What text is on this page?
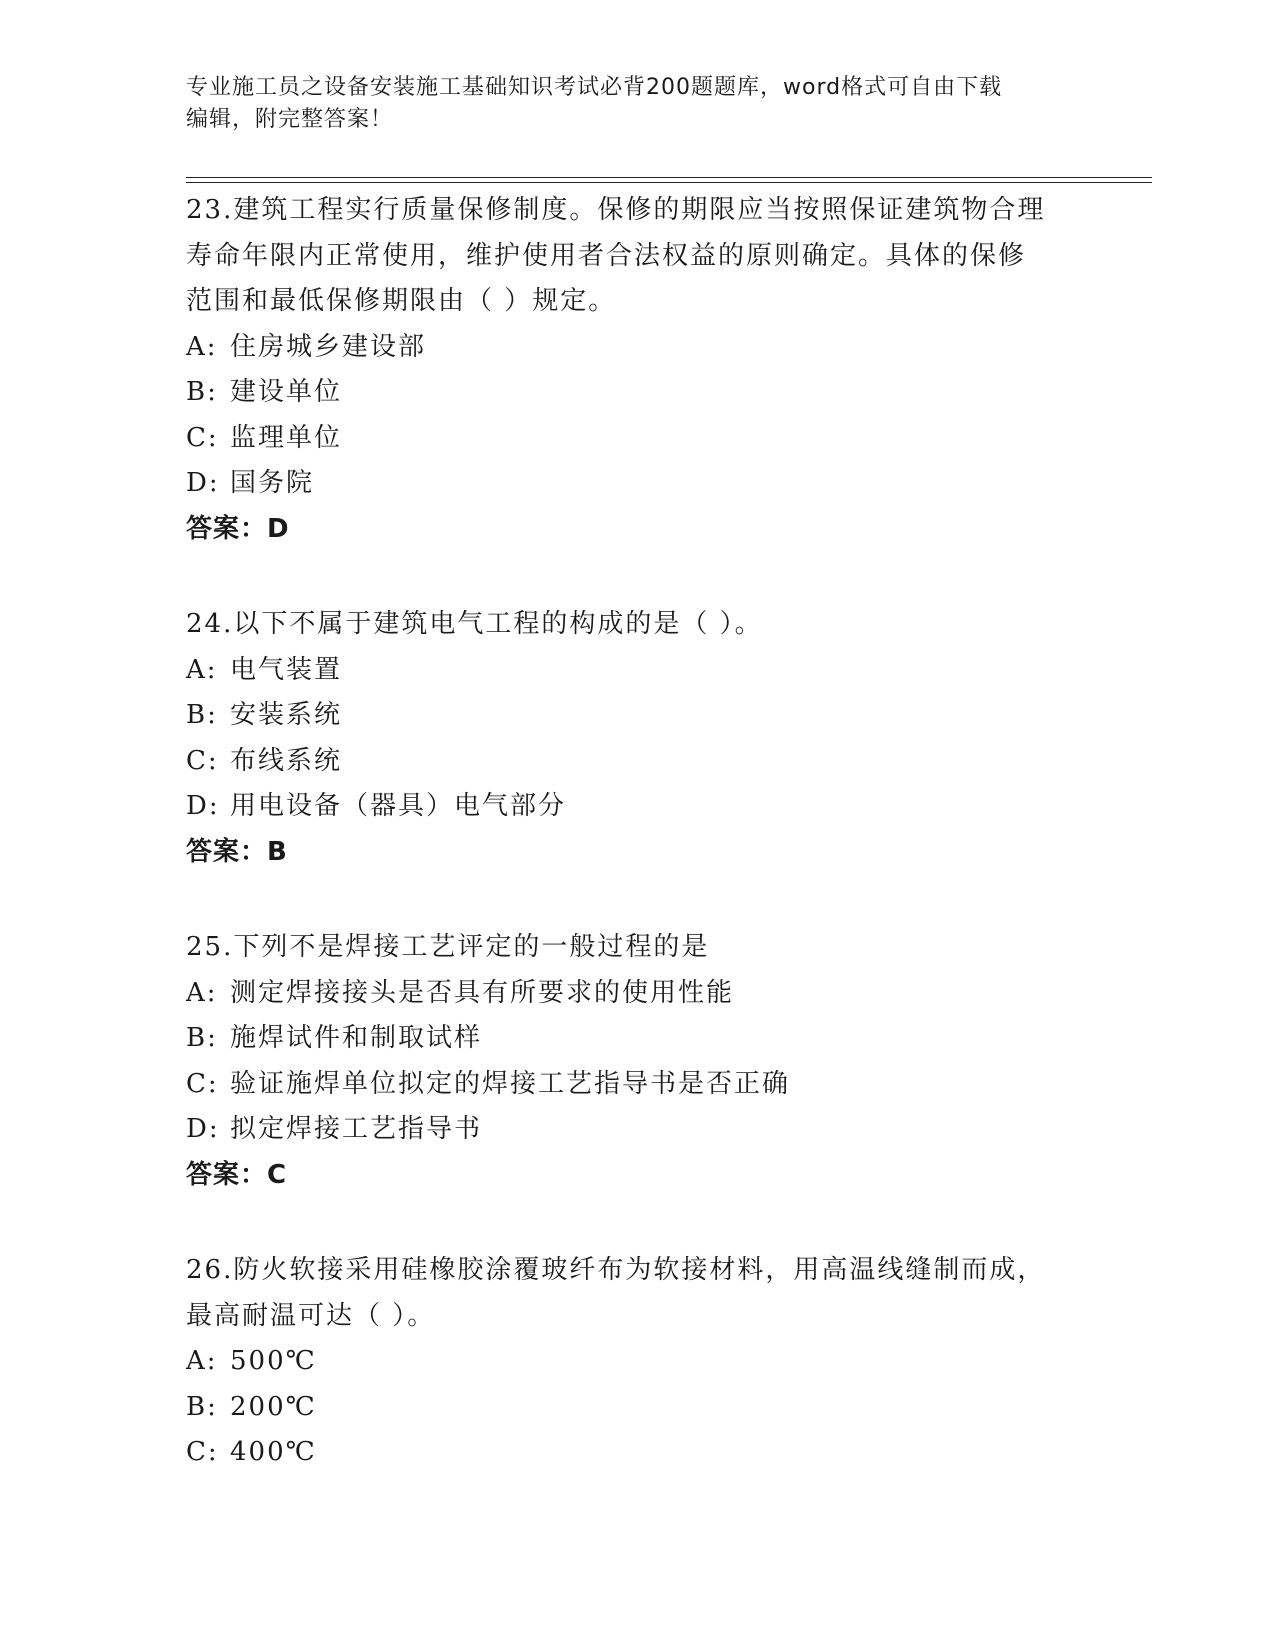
专业施工员之设备安装施工基础知识考试必背200题题库，word格式可自由下载
编辑，附完整答案！
23.建筑工程实行质量保修制度。保修的期限应当按照保证建筑物合理
寿命年限内正常使用，维护使用者合法权益的原则确定。具体的保修
范围和最低保修期限由（ ）规定。
A: 住房城乡建设部
B: 建设单位
C: 监理单位
D: 国务院
答案：D
24.以下不属于建筑电气工程的构成的是（ ）。
A: 电气装置
B: 安装系统
C: 布线系统
D: 用电设备（器具）电气部分
答案：B
25.下列不是焊接工艺评定的一般过程的是
A: 测定焊接接头是否具有所要求的使用性能
B: 施焊试件和制取试样
C: 验证施焊单位拟定的焊接工艺指导书是否正确
D: 拟定焊接工艺指导书
答案：C
26.防火软接采用硅橡胶涂覆玻纤布为软接材料，用高温线缝制而成，
最高耐温可达（ ）。
A: 500℃
B: 200℃
C: 400℃
